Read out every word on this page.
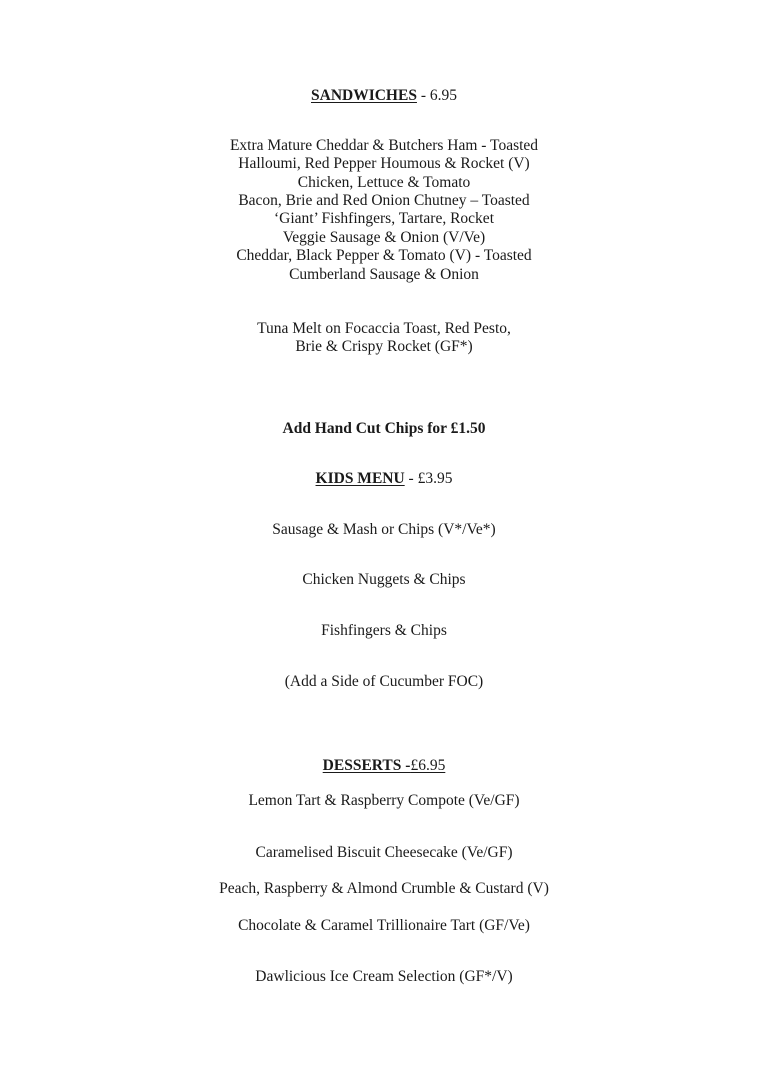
SANDWICHES - 6.95
Extra Mature Cheddar & Butchers Ham - Toasted
Halloumi, Red Pepper Houmous & Rocket (V)
Chicken, Lettuce & Tomato
Bacon, Brie and Red Onion Chutney – Toasted
‘Giant’ Fishfingers, Tartare, Rocket
Veggie Sausage & Onion (V/Ve)
Cheddar, Black Pepper & Tomato (V) - Toasted
Cumberland Sausage & Onion
Tuna Melt on Focaccia Toast, Red Pesto,
Brie & Crispy Rocket (GF*)
Add Hand Cut Chips for £1.50
KIDS MENU - £3.95
Sausage & Mash or Chips (V*/Ve*)
Chicken Nuggets & Chips
Fishfingers & Chips
(Add a Side of Cucumber FOC)
DESSERTS -£6.95
Lemon Tart & Raspberry Compote (Ve/GF)
Caramelised Biscuit Cheesecake (Ve/GF)
Peach, Raspberry & Almond Crumble & Custard (V)
Chocolate & Caramel Trillionaire Tart (GF/Ve)
Dawlicious Ice Cream Selection (GF*/V)
